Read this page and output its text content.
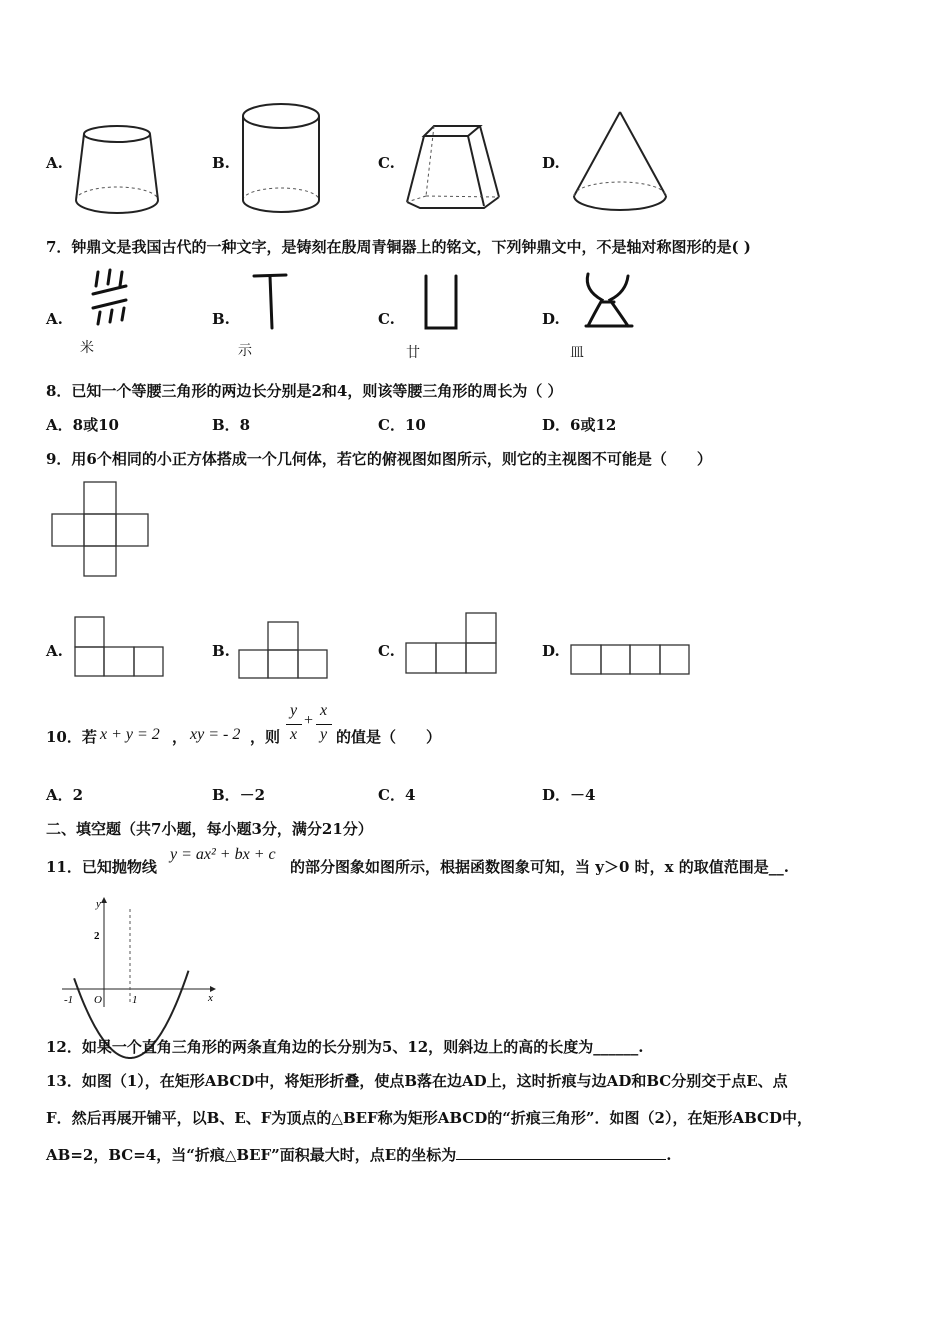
A.	B.	C.	D.
7．钟鼎文是我国古代的一种文字，是铸刻在殷周青铜器上的铭文，下列钟鼎文中，不是轴对称图形的是( )
A.
米
B.
示
C.
廿
D.
皿
8．已知一个等腰三角形的两边长分别是2和4，则该等腰三角形的周长为（ ）
A．8或10	B．8	C．10	D．6或12
9．用6个相同的小正方体搭成一个几何体，若它的俯视图如图所示，则它的主视图不可能是（　　）
A.	B.	C.	D.
10．若 x + y = 2 ， xy = - 2 ，则
y
x
+
x
y 的值是（　　）
A．2	B．－2	C．4	D．－4
二、填空题（共7小题，每小题3分，满分21分）
11．已知抛物线
y = ax² + bx + c
的部分图象如图所示，根据函数图象可知，当 y＞0 时，x 的取值范围是__.
y
x
2
-1 O	1
12．如果一个直角三角形的两条直角边的长分别为5、12，则斜边上的高的长度为______.
13．如图（1），在矩形ABCD中，将矩形折叠，使点B落在边AD上，这时折痕与边AD和BC分别交于点E、点
F．然后再展开铺平，以B、E、F为顶点的△BEF称为矩形ABCD的“折痕三角形”．如图（2），在矩形ABCD中，
AB=2，BC=4，当“折痕△BEF”面积最大时，点E的坐标为	.
